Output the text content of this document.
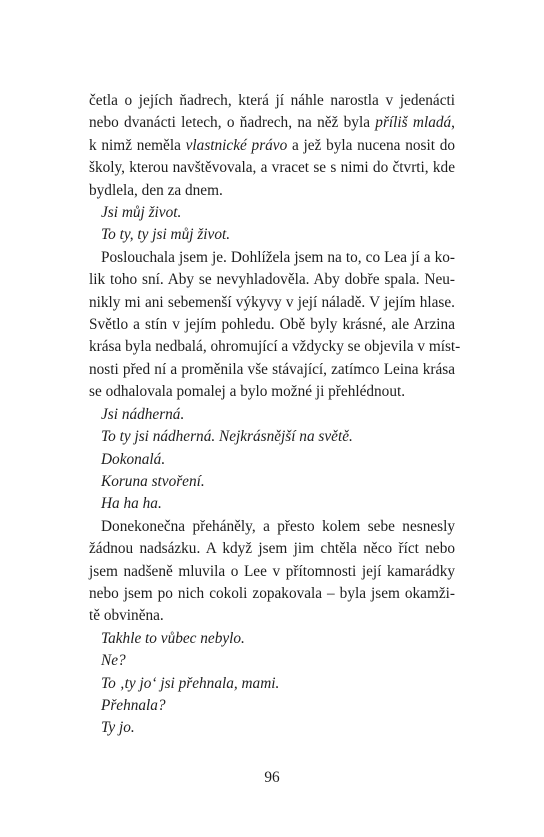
četla o jejích ňadrech, která jí náhle narostla v jedenácti
nebo dvanácti letech, o ňadrech, na něž byla příliš mladá,
k nimž neměla vlastnické právo a jež byla nucena nosit do
školy, kterou navštěvovala, a vracet se s nimi do čtvrti, kde
bydlela, den za dnem.
Jsi můj život.
To ty, ty jsi můj život.
Poslouchala jsem je. Dohlížela jsem na to, co Lea jí a ko-
lik toho sní. Aby se nevyhladověla. Aby dobře spala. Neu-
nikly mi ani sebemenší výkyvy v její náladě. V jejím hlase.
Světlo a stín v jejím pohledu. Obě byly krásné, ale Arzina
krása byla nedbalá, ohromující a vždycky se objevila v míst-
nosti před ní a proměnila vše stávající, zatímco Leina krása
se odhalovala pomalej a bylo možné ji přehlédnout.
Jsi nádherná.
To ty jsi nádherná. Nejkrásnější na světě.
Dokonalá.
Koruna stvoření.
Ha ha ha.
Donekonečna přeháněly, a přesto kolem sebe nesnesly
žádnou nadsázku. A když jsem jim chtěla něco říct nebo
jsem nadšeně mluvila o Lee v přítomnosti její kamarádky
nebo jsem po nich cokoli zopakovala – byla jsem okamži-
tě obviněna.
Takhle to vůbec nebylo.
Ne?
To ‚ty jo‘ jsi přehnala, mami.
Přehnala?
Ty jo.
96
